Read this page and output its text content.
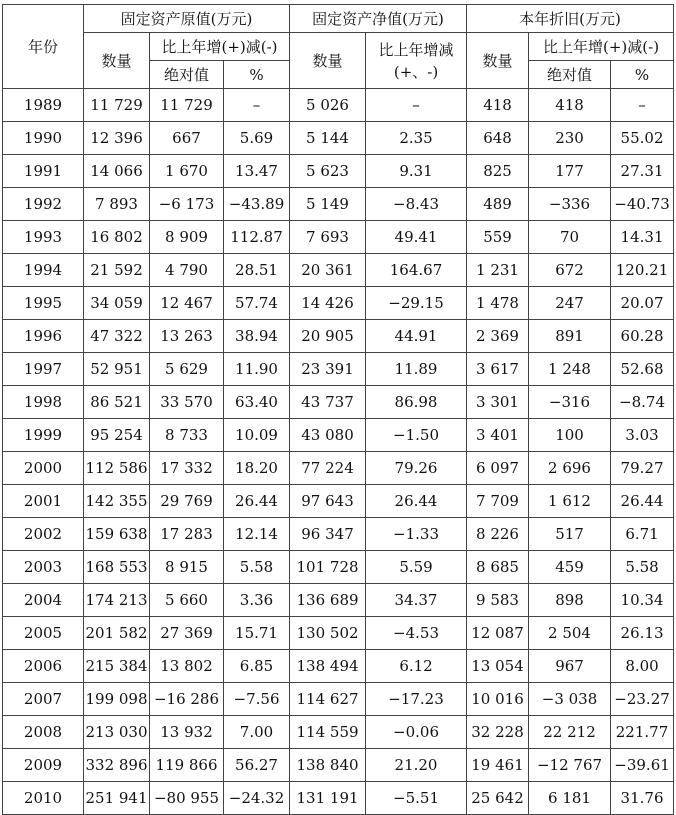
年份	固定资产原值(万元)			固定资产净值(万元)		本年折旧(万元)		
	数量	比上年增(+)减(-)		数量	比上年增减(+、-)	数量	比上年增(+)减(-)	
		绝对值	%				绝对值	%
1989	11 729	11 729	–	5 026	–	418	418	–
1990	12 396	667	5.69	5 144	2.35	648	230	55.02
1991	14 066	1 670	13.47	5 623	9.31	825	177	27.31
1992	7 893	−6 173	−43.89	5 149	−8.43	489	−336	−40.73
1993	16 802	8 909	112.87	7 693	49.41	559	70	14.31
1994	21 592	4 790	28.51	20 361	164.67	1 231	672	120.21
1995	34 059	12 467	57.74	14 426	−29.15	1 478	247	20.07
1996	47 322	13 263	38.94	20 905	44.91	2 369	891	60.28
1997	52 951	5 629	11.90	23 391	11.89	3 617	1 248	52.68
1998	86 521	33 570	63.40	43 737	86.98	3 301	−316	−8.74
1999	95 254	8 733	10.09	43 080	−1.50	3 401	100	3.03
2000	112 586	17 332	18.20	77 224	79.26	6 097	2 696	79.27
2001	142 355	29 769	26.44	97 643	26.44	7 709	1 612	26.44
2002	159 638	17 283	12.14	96 347	−1.33	8 226	517	6.71
2003	168 553	8 915	5.58	101 728	5.59	8 685	459	5.58
2004	174 213	5 660	3.36	136 689	34.37	9 583	898	10.34
2005	201 582	27 369	15.71	130 502	−4.53	12 087	2 504	26.13
2006	215 384	13 802	6.85	138 494	6.12	13 054	967	8.00
2007	199 098	−16 286	−7.56	114 627	−17.23	10 016	−3 038	−23.27
2008	213 030	13 932	7.00	114 559	−0.06	32 228	22 212	221.77
2009	332 896	119 866	56.27	138 840	21.20	19 461	−12 767	−39.61
2010	251 941	−80 955	−24.32	131 191	−5.51	25 642	6 181	31.76
